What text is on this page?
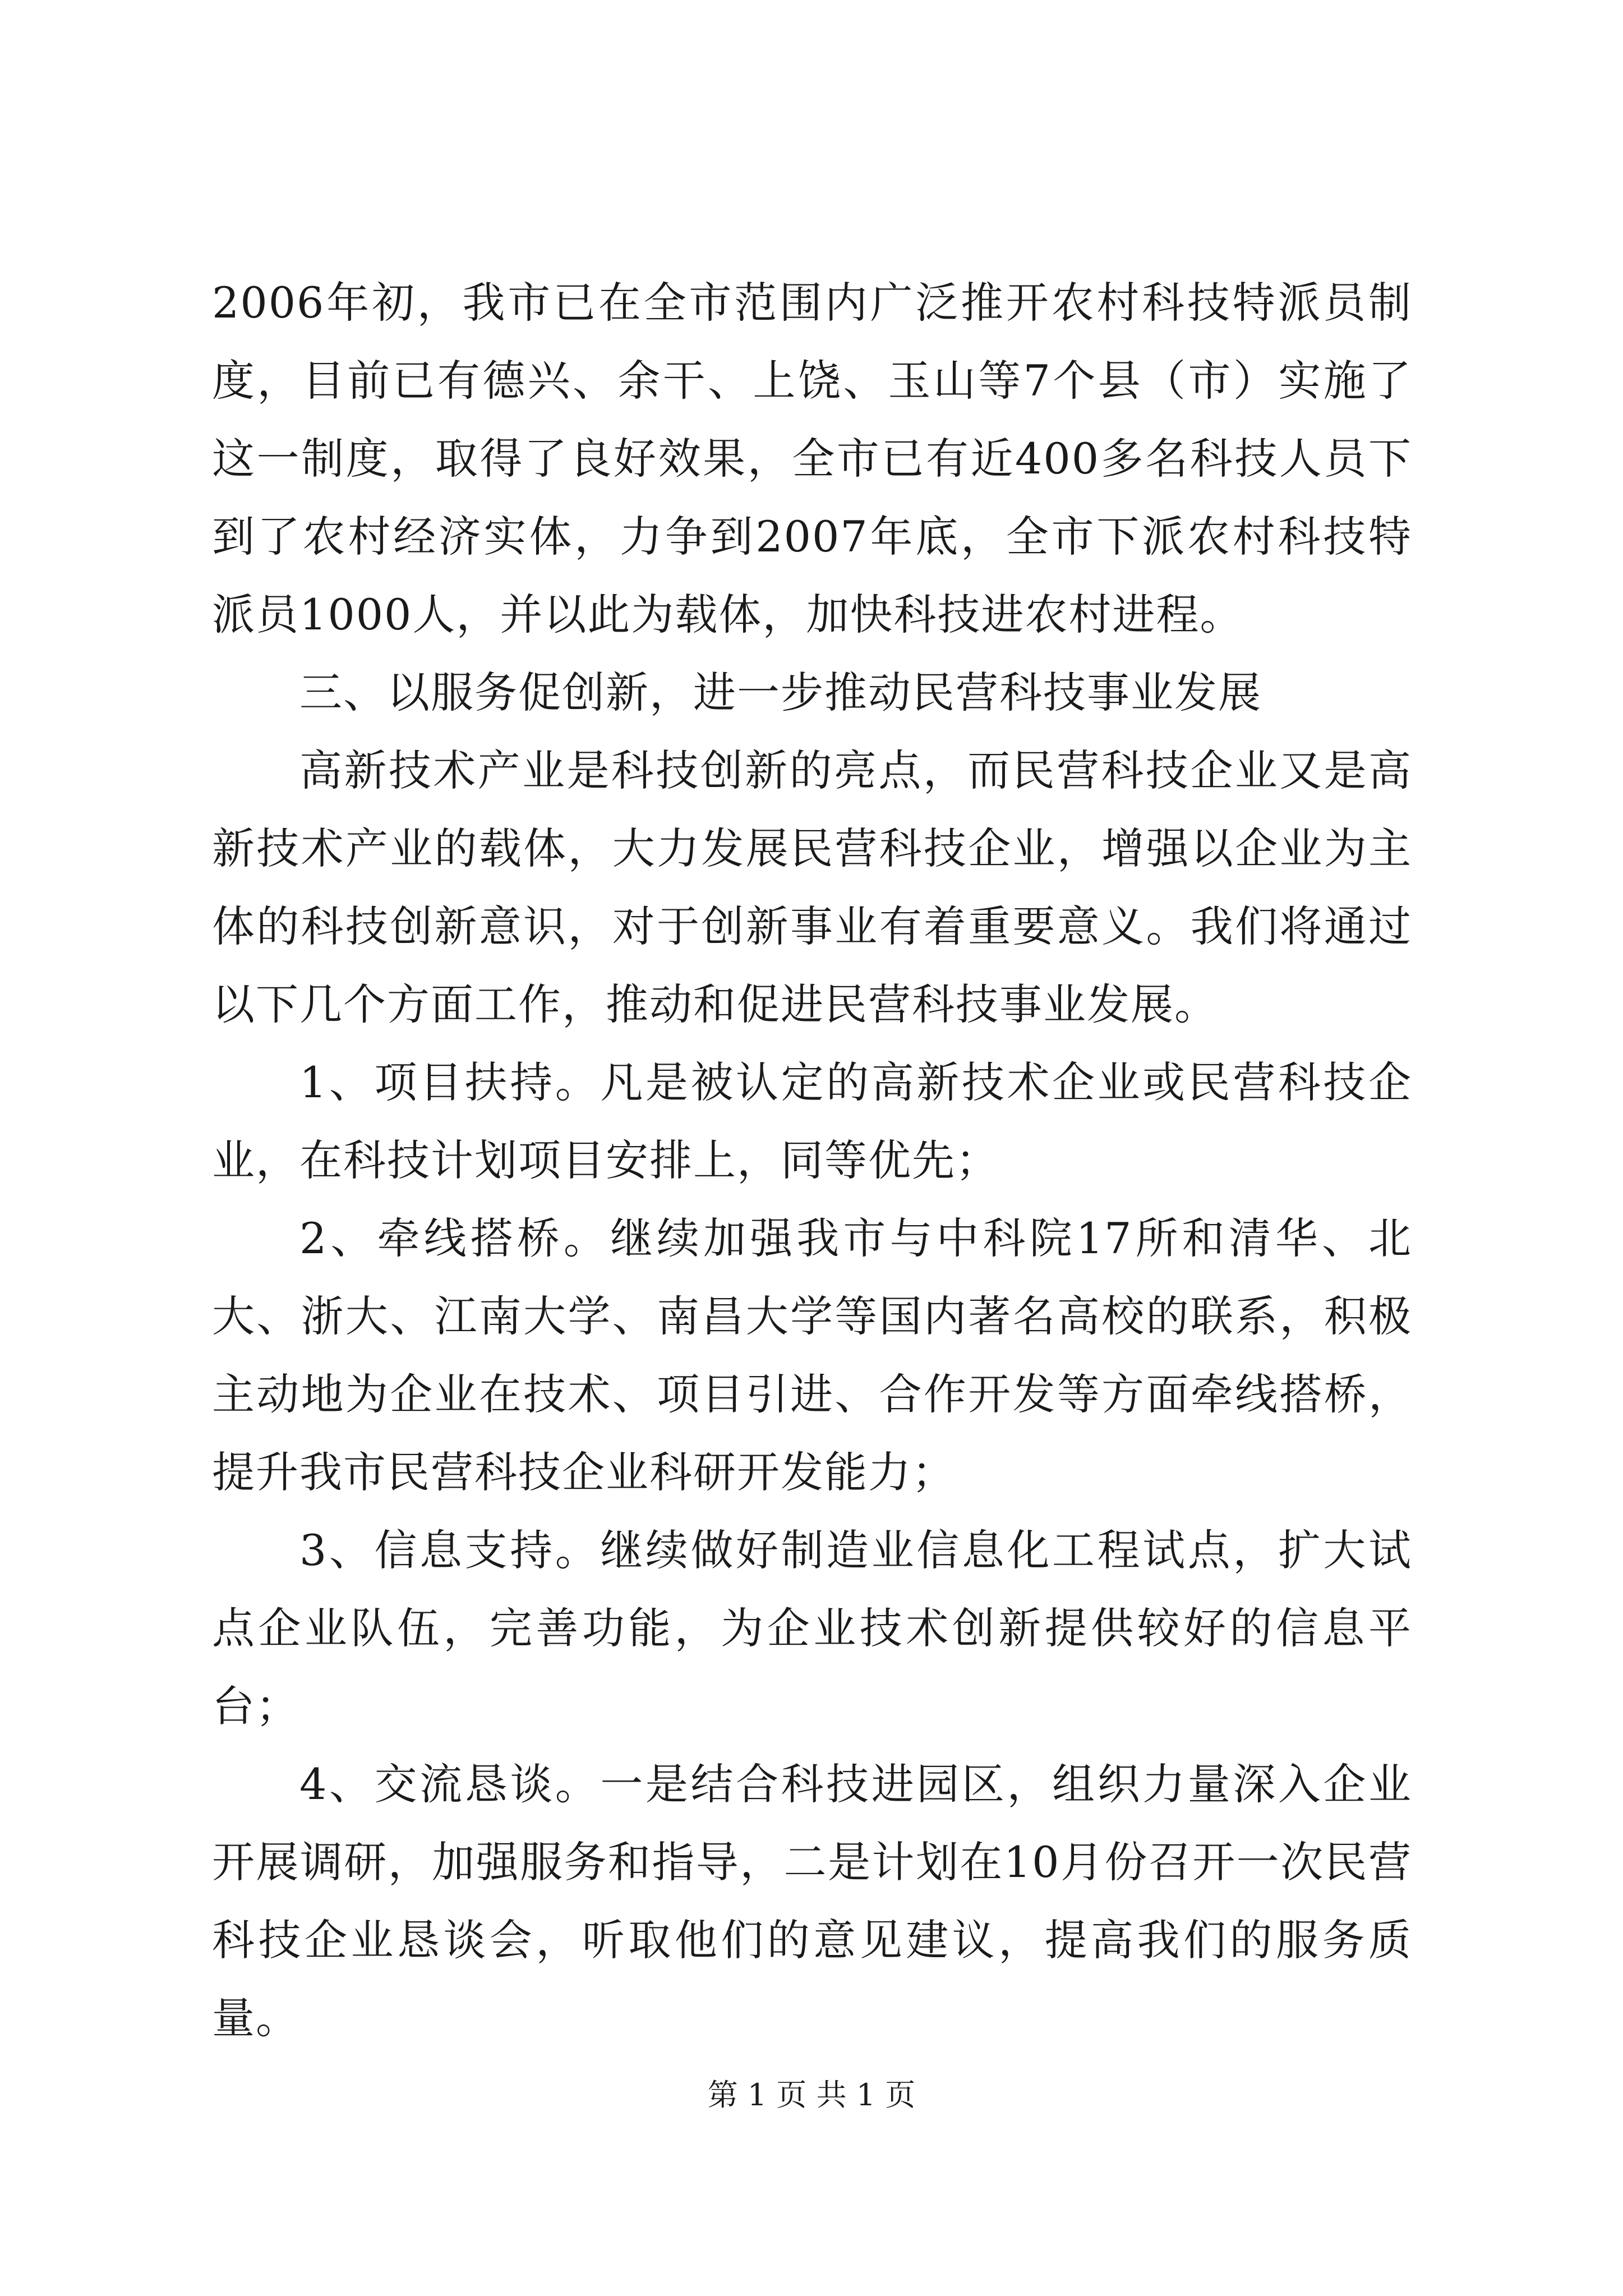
2006年初，我市已在全市范围内广泛推开农村科技特派员制度，目前已有德兴、余干、上饶、玉山等7个县（市）实施了这一制度，取得了良好效果，全市已有近400多名科技人员下到了农村经济实体，力争到2007年底，全市下派农村科技特派员1000人，并以此为载体，加快科技进农村进程。

三、以服务促创新，进一步推动民营科技事业发展

高新技术产业是科技创新的亮点，而民营科技企业又是高新技术产业的载体，大力发展民营科技企业，增强以企业为主体的科技创新意识，对于创新事业有着重要意义。我们将通过以下几个方面工作，推动和促进民营科技事业发展。

1、项目扶持。凡是被认定的高新技术企业或民营科技企业，在科技计划项目安排上，同等优先；

2、牵线搭桥。继续加强我市与中科院17所和清华、北大、浙大、江南大学、南昌大学等国内著名高校的联系，积极主动地为企业在技术、项目引进、合作开发等方面牵线搭桥，提升我市民营科技企业科研开发能力；

3、信息支持。继续做好制造业信息化工程试点，扩大试点企业队伍，完善功能，为企业技术创新提供较好的信息平台；

4、交流恳谈。一是结合科技进园区，组织力量深入企业开展调研，加强服务和指导，二是计划在10月份召开一次民营科技企业恳谈会，听取他们的意见建议，提高我们的服务质量。

第 1 页 共 1 页
